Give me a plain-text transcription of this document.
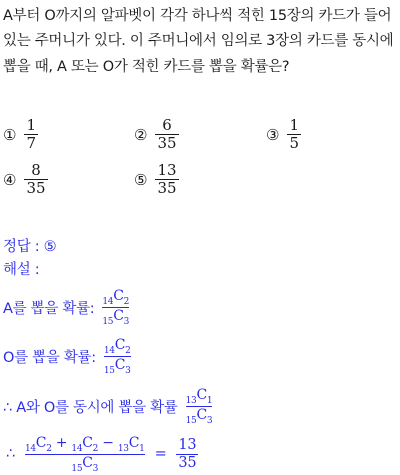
A부터 O까지의 알파벳이 각각 하나씩 적힌 15장의 카드가 들어
있는 주머니가 있다. 이 주머니에서 임의로 3장의 카드를 동시에
뽑을 때, A 또는 O가 적힌 카드를 뽑을 확률은?
① $\frac{1}{7}$	② $\frac{6}{35}$	③ $\frac{1}{5}$
④ $\frac{8}{35}$	⑤ $\frac{13}{35}$
정답 : ⑤
해설 :
A를 뽑을 확률: $\frac{_{14}C_2}{_{15}C_3}$
O를 뽑을 확률: $\frac{_{14}C_2}{_{15}C_3}$
∴ A와 O를 동시에 뽑을 확률 $\frac{_{13}C_1}{_{15}C_3}$
∴ $\frac{_{14}C_2 + _{14}C_2 - _{13}C_1}{_{15}C_3} = \frac{13}{35}$
